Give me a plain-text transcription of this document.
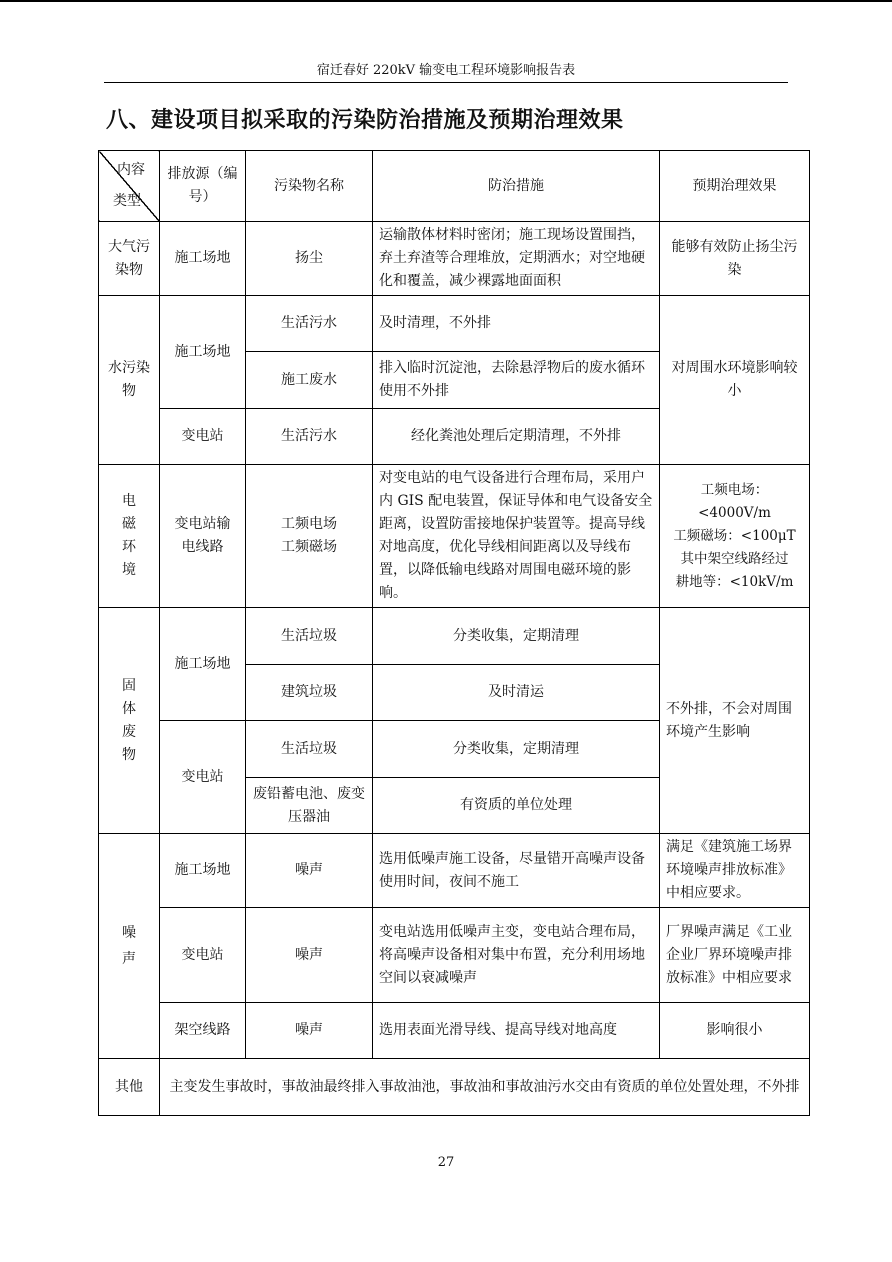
宿迁春好 220kV 输变电工程环境影响报告表
八、建设项目拟采取的污染防治措施及预期治理效果
内容
类型	排放源（编号）	污染物名称	防治措施	预期治理效果
大气污染物	施工场地	扬尘	运输散体材料时密闭；施工现场设置围挡，弃土弃渣等合理堆放，定期洒水；对空地硬化和覆盖，减少裸露地面面积	能够有效防止扬尘污染
水污染物	施工场地	生活污水	及时清理，不外排	对周围水环境影响较小
		施工废水	排入临时沉淀池，去除悬浮物后的废水循环使用不外排	
	变电站	生活污水	经化粪池处理后定期清理，不外排	

电磁环境	变电站输电线路	工频电场工频磁场	对变电站的电气设备进行合理布局，采用户内 GIS 配电装置，保证导体和电气设备安全距离，设置防雷接地保护装置等。提高导线对地高度，优化导线相间距离以及导线布置，以降低输电线路对周围电磁环境的影响。	工频电场：
<4000V/m
工频磁场：<100μT
其中架空线路经过
耕地等：<10kV/m

固体废物	施工场地	生活垃圾	分类收集，定期清理	不外排，不会对周围环境产生影响
		建筑垃圾	及时清运	
	变电站	生活垃圾	分类收集，定期清理	
		废铅蓄电池、废变压器油	有资质的单位处理	

噪声	施工场地	噪声	选用低噪声施工设备，尽量错开高噪声设备使用时间，夜间不施工	满足《建筑施工场界环境噪声排放标准》中相应要求。
	变电站	噪声	变电站选用低噪声主变，变电站合理布局，将高噪声设备相对集中布置，充分利用场地空间以衰减噪声	厂界噪声满足《工业企业厂界环境噪声排放标准》中相应要求
	架空线路	噪声	选用表面光滑导线、提高导线对地高度	影响很小
其他	主变发生事故时，事故油最终排入事故油池，事故油和事故油污水交由有资质的单位处置处理，不外排			
27
